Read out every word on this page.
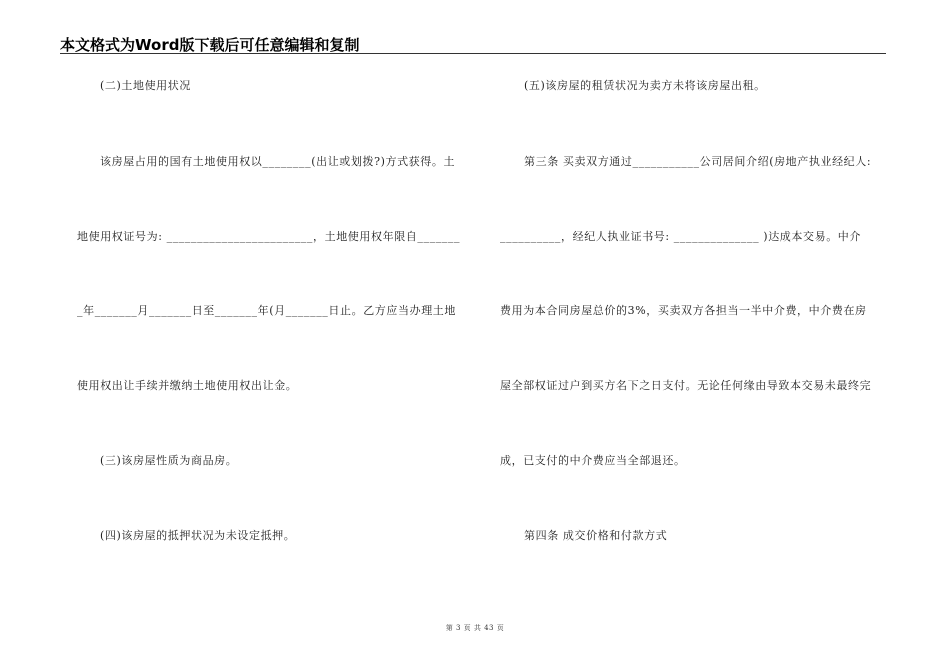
本文格式为Word版下载后可任意编辑和复制
(二)土地使用状况
该房屋占用的国有土地使用权以________(出让或划拨?)方式获得。土
地使用权证号为: ________________________，土地使用权年限自_______
_年_______月_______日至_______年(月_______日止。乙方应当办理土地
使用权出让手续并缴纳土地使用权出让金。
(三)该房屋性质为商品房。
(四)该房屋的抵押状况为未设定抵押。
(五)该房屋的租赁状况为卖方未将该房屋出租。
第三条 买卖双方通过___________公司居间介绍(房地产执业经纪人:
__________，经纪人执业证书号: ______________ )达成本交易。中介
费用为本合同房屋总价的3%，买卖双方各担当一半中介费，中介费在房
屋全部权证过户到买方名下之日支付。无论任何缘由导致本交易未最终完
成，已支付的中介费应当全部退还。
第四条 成交价格和付款方式
第 3 页 共 43 页
